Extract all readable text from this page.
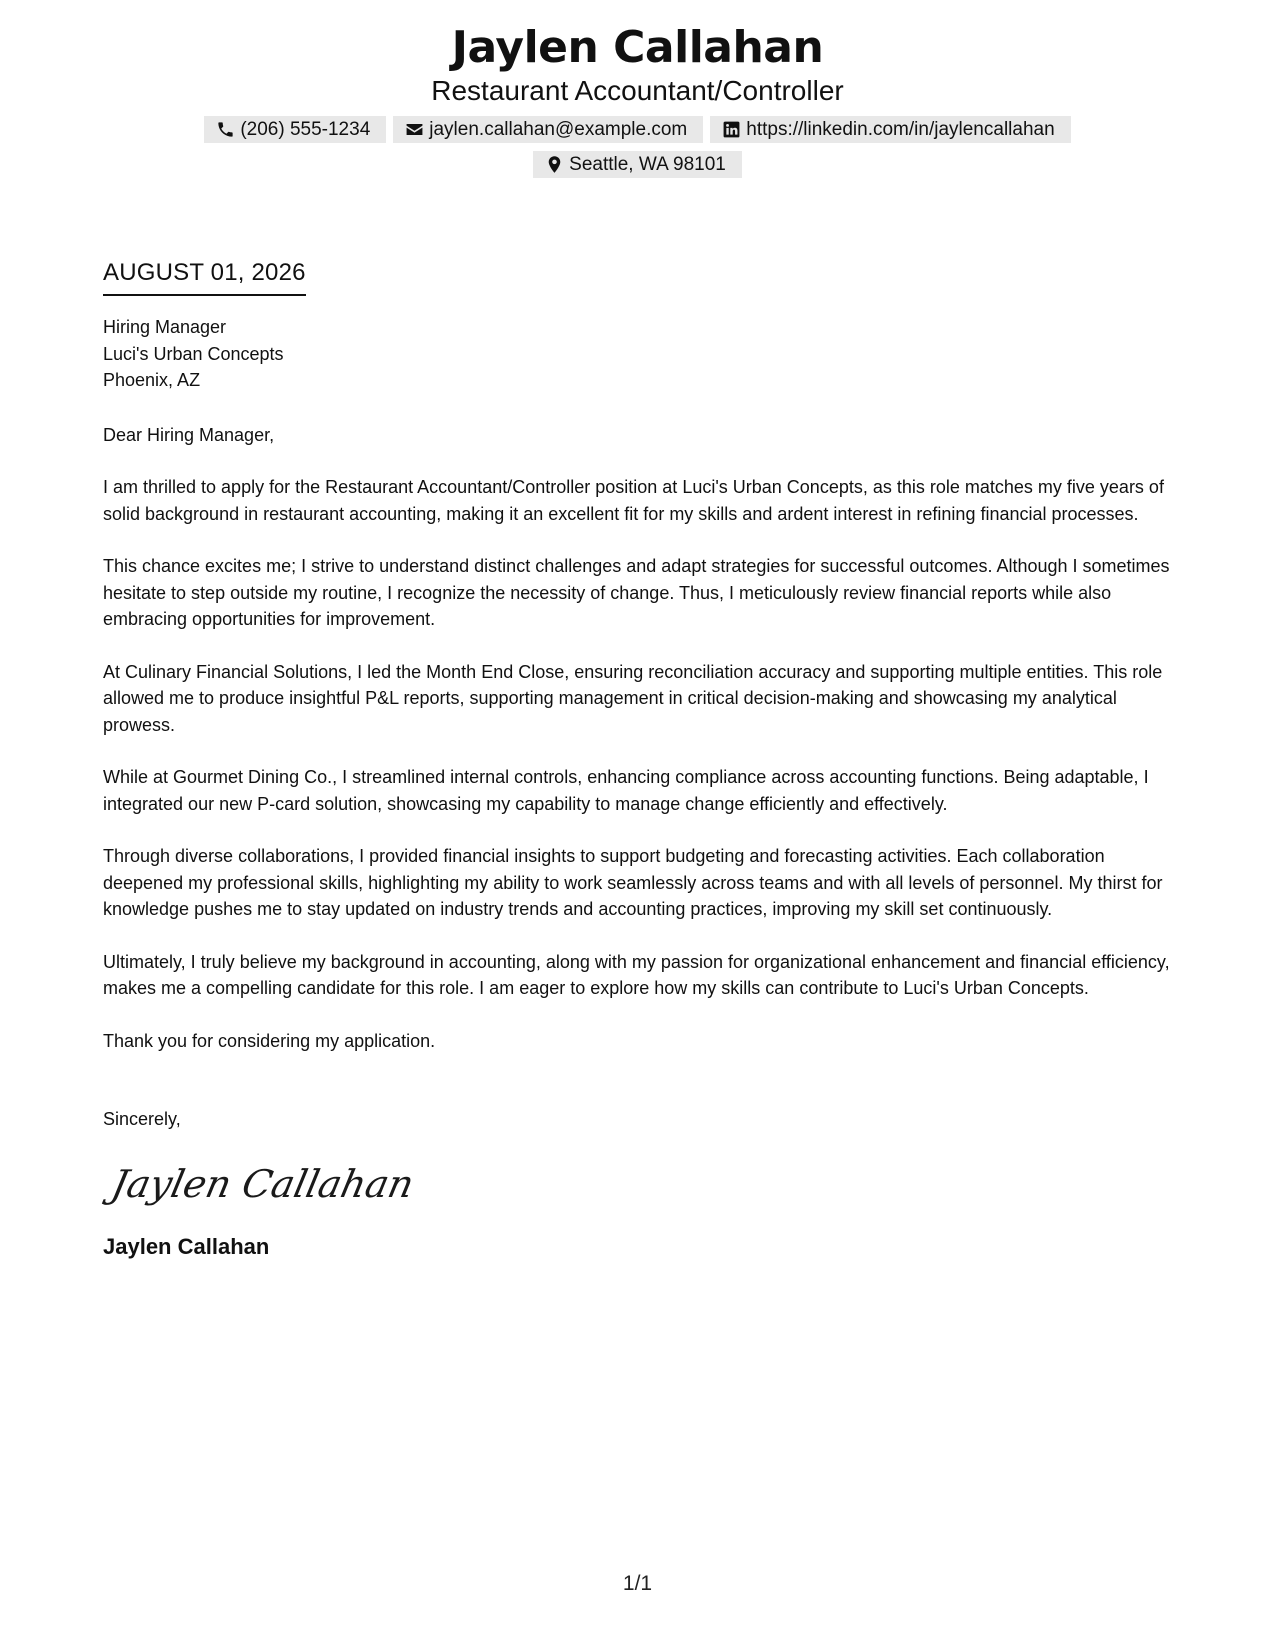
Jaylen Callahan
Restaurant Accountant/Controller
(206) 555-1234	jaylen.callahan@example.com	https://linkedin.com/in/jaylencallahan
Seattle, WA 98101
AUGUST 01, 2026

Hiring Manager

Luci's Urban Concepts

Phoenix, AZ

Dear Hiring Manager,

I am thrilled to apply for the Restaurant Accountant/Controller position at Luci's Urban Concepts, as this role matches my five years of solid background in restaurant accounting, making it an excellent fit for my skills and ardent interest in refining financial processes.

This chance excites me; I strive to understand distinct challenges and adapt strategies for successful outcomes. Although I sometimes hesitate to step outside my routine, I recognize the necessity of change. Thus, I meticulously review financial reports while also embracing opportunities for improvement.

At Culinary Financial Solutions, I led the Month End Close, ensuring reconciliation accuracy and supporting multiple entities. This role allowed me to produce insightful P&L reports, supporting management in critical decision-making and showcasing my analytical prowess.

While at Gourmet Dining Co., I streamlined internal controls, enhancing compliance across accounting functions. Being adaptable, I integrated our new P-card solution, showcasing my capability to manage change efficiently and effectively.

Through diverse collaborations, I provided financial insights to support budgeting and forecasting activities. Each collaboration deepened my professional skills, highlighting my ability to work seamlessly across teams and with all levels of personnel. My thirst for knowledge pushes me to stay updated on industry trends and accounting practices, improving my skill set continuously.

Ultimately, I truly believe my background in accounting, along with my passion for organizational enhancement and financial efficiency, makes me a compelling candidate for this role. I am eager to explore how my skills can contribute to Luci's Urban Concepts.

Thank you for considering my application.

Sincerely,

Jaylen Callahan
Jaylen Callahan
1/1
